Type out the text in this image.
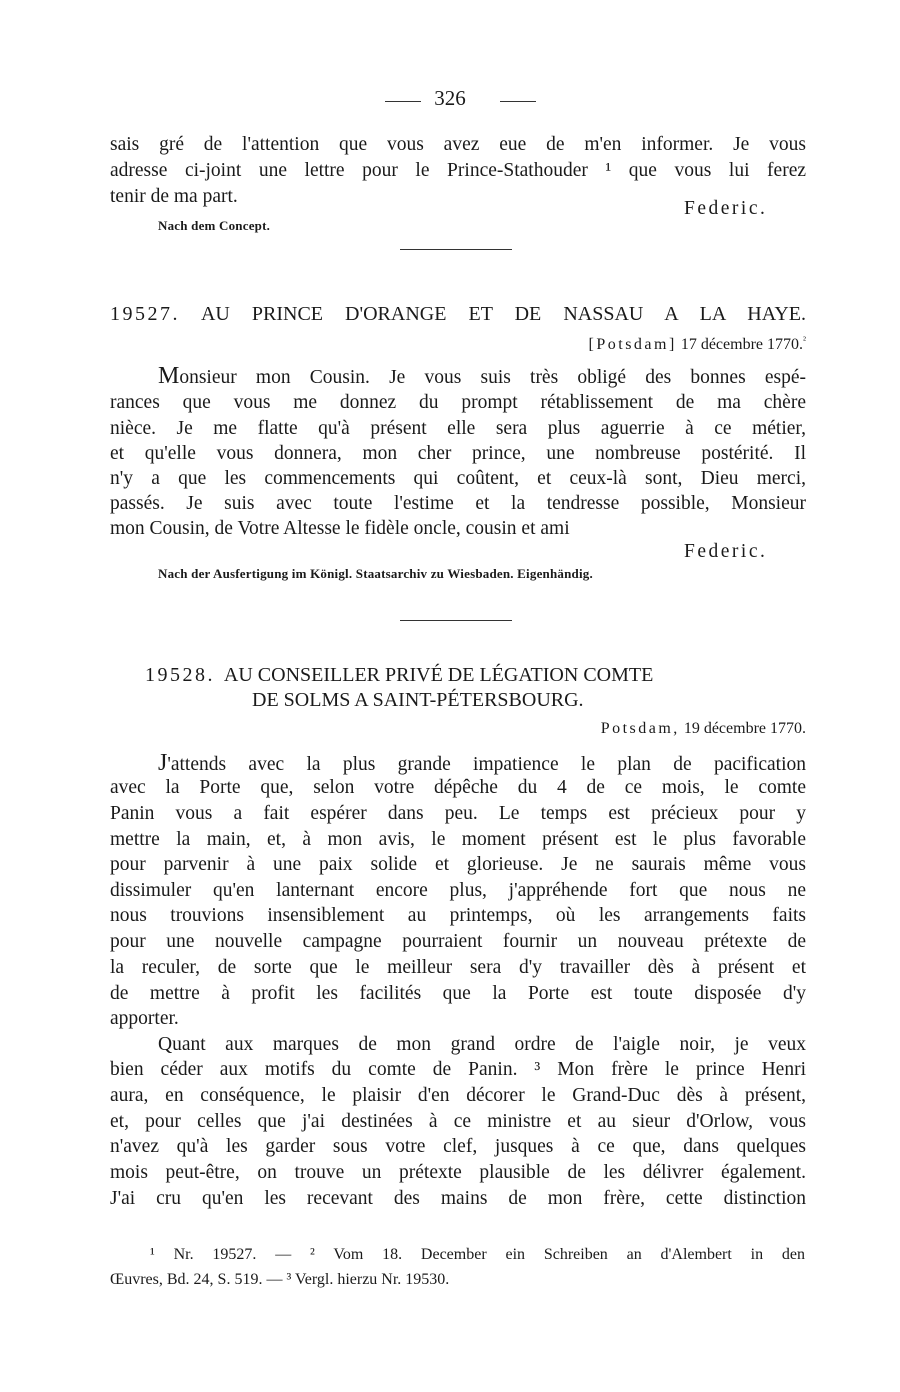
326
sais gré de l'attention que vous avez eue de m'en informer. Je vous
adresse ci-joint une lettre pour le Prince-Stathouder ¹ que vous lui ferez
tenir de ma part.
Federic.
Nach dem Concept.
19527. AU PRINCE D'ORANGE ET DE NASSAU A LA HAYE.
[Potsdam] 17 décembre 1770.$^{^2}$
Monsieur mon Cousin. Je vous suis très obligé des bonnes espé-
rances que vous me donnez du prompt rétablissement de ma chère
nièce. Je me flatte qu'à présent elle sera plus aguerrie à ce métier,
et qu'elle vous donnera, mon cher prince, une nombreuse postérité. Il
n'y a que les commencements qui coûtent, et ceux-là sont, Dieu merci,
passés. Je suis avec toute l'estime et la tendresse possible, Monsieur
mon Cousin, de Votre Altesse le fidèle oncle, cousin et ami
Federic.
Nach der Ausfertigung im Königl. Staatsarchiv zu Wiesbaden. Eigenhändig.
19528. AU CONSEILLER PRIVÉ DE LÉGATION COMTE
DE SOLMS A SAINT-PÉTERSBOURG.
Potsdam, 19 décembre 1770.
J'attends avec la plus grande impatience le plan de pacification
avec la Porte que, selon votre dépêche du 4 de ce mois, le comte
Panin vous a fait espérer dans peu. Le temps est précieux pour y
mettre la main, et, à mon avis, le moment présent est le plus favorable
pour parvenir à une paix solide et glorieuse. Je ne saurais même vous
dissimuler qu'en lanternant encore plus, j'appréhende fort que nous ne
nous trouvions insensiblement au printemps, où les arrangements faits
pour une nouvelle campagne pourraient fournir un nouveau prétexte de
la reculer, de sorte que le meilleur sera d'y travailler dès à présent et
de mettre à profit les facilités que la Porte est toute disposée d'y
apporter.
Quant aux marques de mon grand ordre de l'aigle noir, je veux
bien céder aux motifs du comte de Panin. ³ Mon frère le prince Henri
aura, en conséquence, le plaisir d'en décorer le Grand-Duc dès à présent,
et, pour celles que j'ai destinées à ce ministre et au sieur d'Orlow, vous
n'avez qu'à les garder sous votre clef, jusques à ce que, dans quelques
mois peut-être, on trouve un prétexte plausible de les délivrer également.
J'ai cru qu'en les recevant des mains de mon frère, cette distinction
¹ Nr. 19527. — ² Vom 18. December ein Schreiben an d'Alembert in den
Œuvres, Bd. 24, S. 519. — ³ Vergl. hierzu Nr. 19530.
